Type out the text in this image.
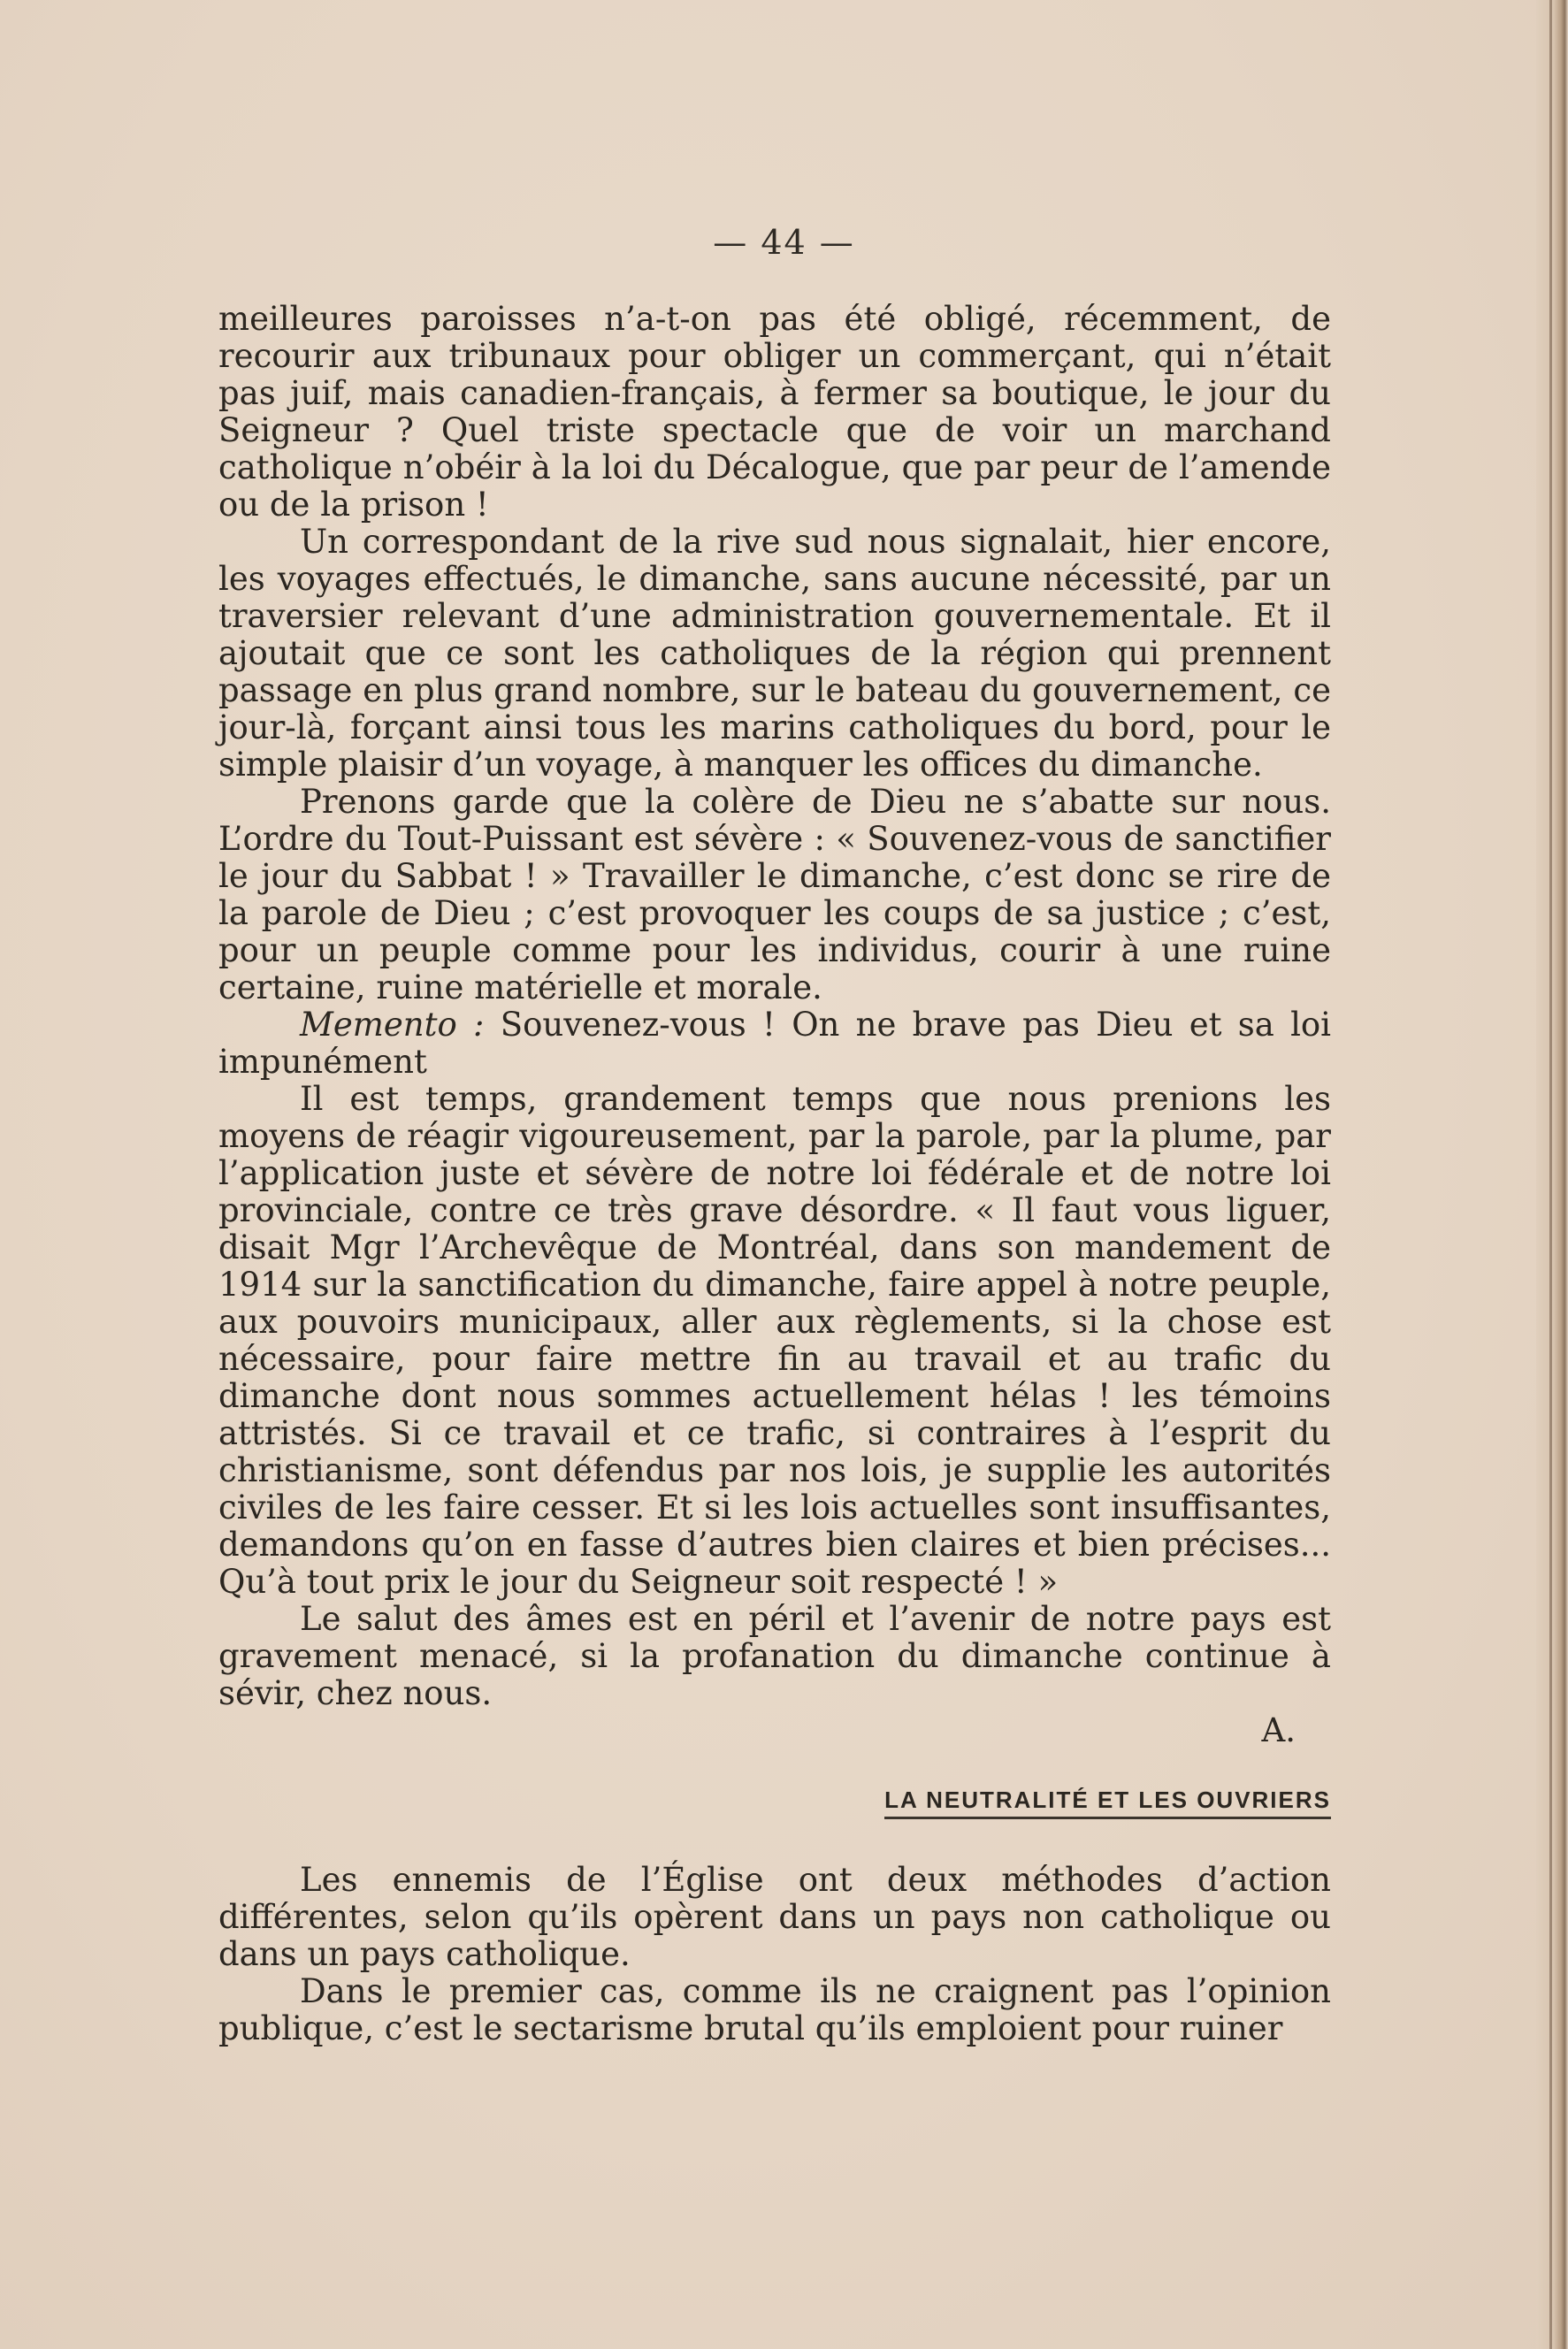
— 44 —

meilleures paroisses n’a-t-on pas été obligé, récemment, de recourir aux tribunaux pour obliger un commerçant, qui n’était pas juif, mais canadien-français, à fermer sa boutique, le jour du Seigneur ? Quel triste spectacle que de voir un marchand catholique n’obéir à la loi du Décalogue, que par peur de l’amende ou de la prison !

Un correspondant de la rive sud nous signalait, hier encore, les voyages effectués, le dimanche, sans aucune nécessité, par un traversier relevant d’une administration gouvernementale. Et il ajoutait que ce sont les catholiques de la région qui prennent passage en plus grand nombre, sur le bateau du gouvernement, ce jour-là, forçant ainsi tous les marins catholiques du bord, pour le simple plaisir d’un voyage, à manquer les offices du dimanche.

Prenons garde que la colère de Dieu ne s’abatte sur nous. L’ordre du Tout-Puissant est sévère : « Souvenez-vous de sanctifier le jour du Sabbat ! » Travailler le dimanche, c’est donc se rire de la parole de Dieu ; c’est provoquer les coups de sa justice ; c’est, pour un peuple comme pour les individus, courir à une ruine certaine, ruine matérielle et morale.

Memento : Souvenez-vous ! On ne brave pas Dieu et sa loi impunément

Il est temps, grandement temps que nous prenions les moyens de réagir vigoureusement, par la parole, par la plume, par l’application juste et sévère de notre loi fédérale et de notre loi provinciale, contre ce très grave désordre. « Il faut vous liguer, disait Mgr l’Archevêque de Montréal, dans son mandement de 1914 sur la sanctification du dimanche, faire appel à notre peuple, aux pouvoirs municipaux, aller aux règlements, si la chose est nécessaire, pour faire mettre fin au travail et au trafic du dimanche dont nous sommes actuellement hélas ! les témoins attristés. Si ce travail et ce trafic, si contraires à l’esprit du christianisme, sont défendus par nos lois, je supplie les autorités civiles de les faire cesser. Et si les lois actuelles sont insuffisantes, demandons qu’on en fasse d’autres bien claires et bien précises... Qu’à tout prix le jour du Seigneur soit respecté ! »

Le salut des âmes est en péril et l’avenir de notre pays est gravement menacé, si la profanation du dimanche continue à sévir, chez nous.

A.

LA NEUTRALITÉ ET LES OUVRIERS

Les ennemis de l’Église ont deux méthodes d’action différentes, selon qu’ils opèrent dans un pays non catholique ou dans un pays catholique.

Dans le premier cas, comme ils ne craignent pas l’opinion publique, c’est le sectarisme brutal qu’ils emploient pour ruiner
